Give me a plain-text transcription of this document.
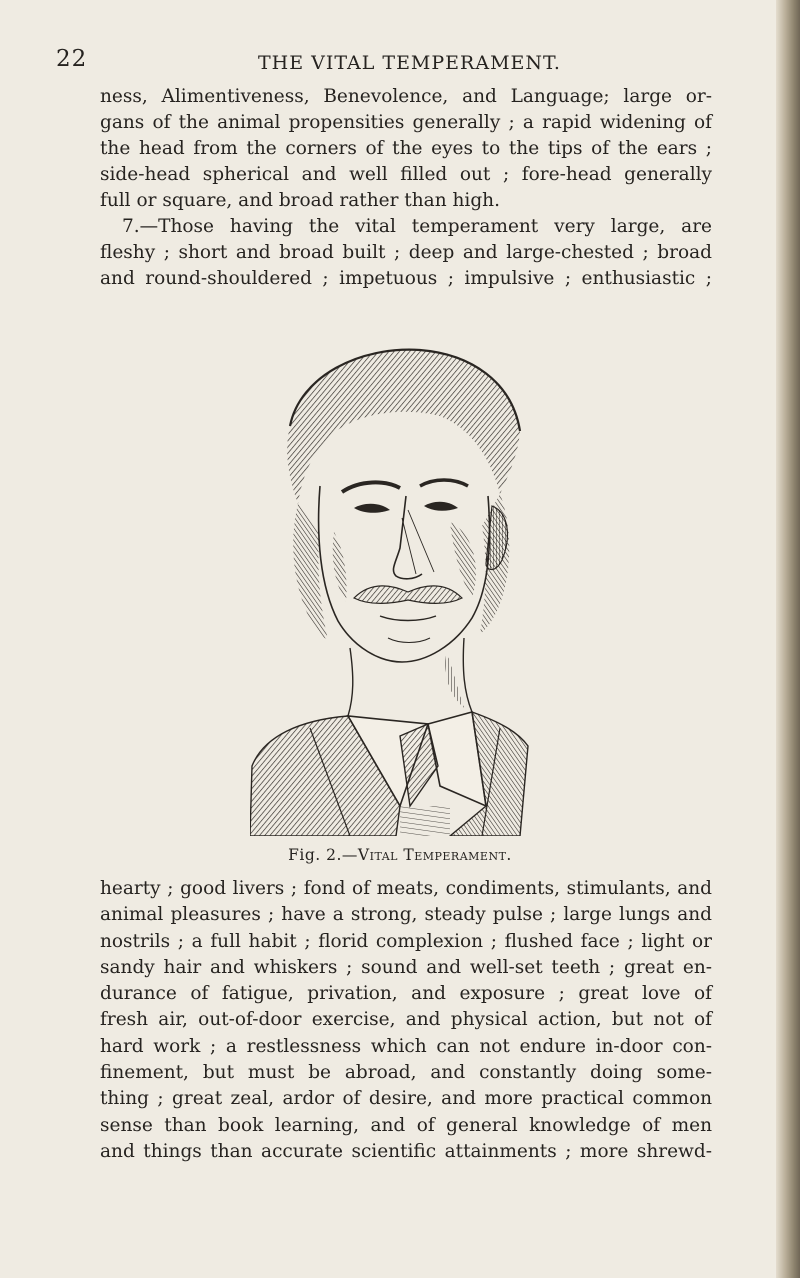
22	THE VITAL TEMPERAMENT.

ness, Alimentiveness, Benevolence, and Language; large or-
gans of the animal propensities generally ; a rapid widening of
the head from the corners of the eyes to the tips of the ears ;
side-head spherical and well filled out ; fore-head generally
full or square, and broad rather than high.
7.—Those having the vital temperament very large, are
fleshy ; short and broad built ; deep and large-chested ; broad
and round-shouldered ; impetuous ; impulsive ; enthusiastic ;

Fig. 2.—Vital Temperament.

hearty ; good livers ; fond of meats, condiments, stimulants, and
animal pleasures ; have a strong, steady pulse ; large lungs and
nostrils ; a full habit ; florid complexion ; flushed face ; light or
sandy hair and whiskers ; sound and well-set teeth ; great en-
durance of fatigue, privation, and exposure ; great love of
fresh air, out-of-door exercise, and physical action, but not of
hard work ; a restlessness which can not endure in-door con-
finement, but must be abroad, and constantly doing some-
thing ; great zeal, ardor of desire, and more practical common
sense than book learning, and of general knowledge of men
and things than accurate scientific attainments ; more shrewd-
